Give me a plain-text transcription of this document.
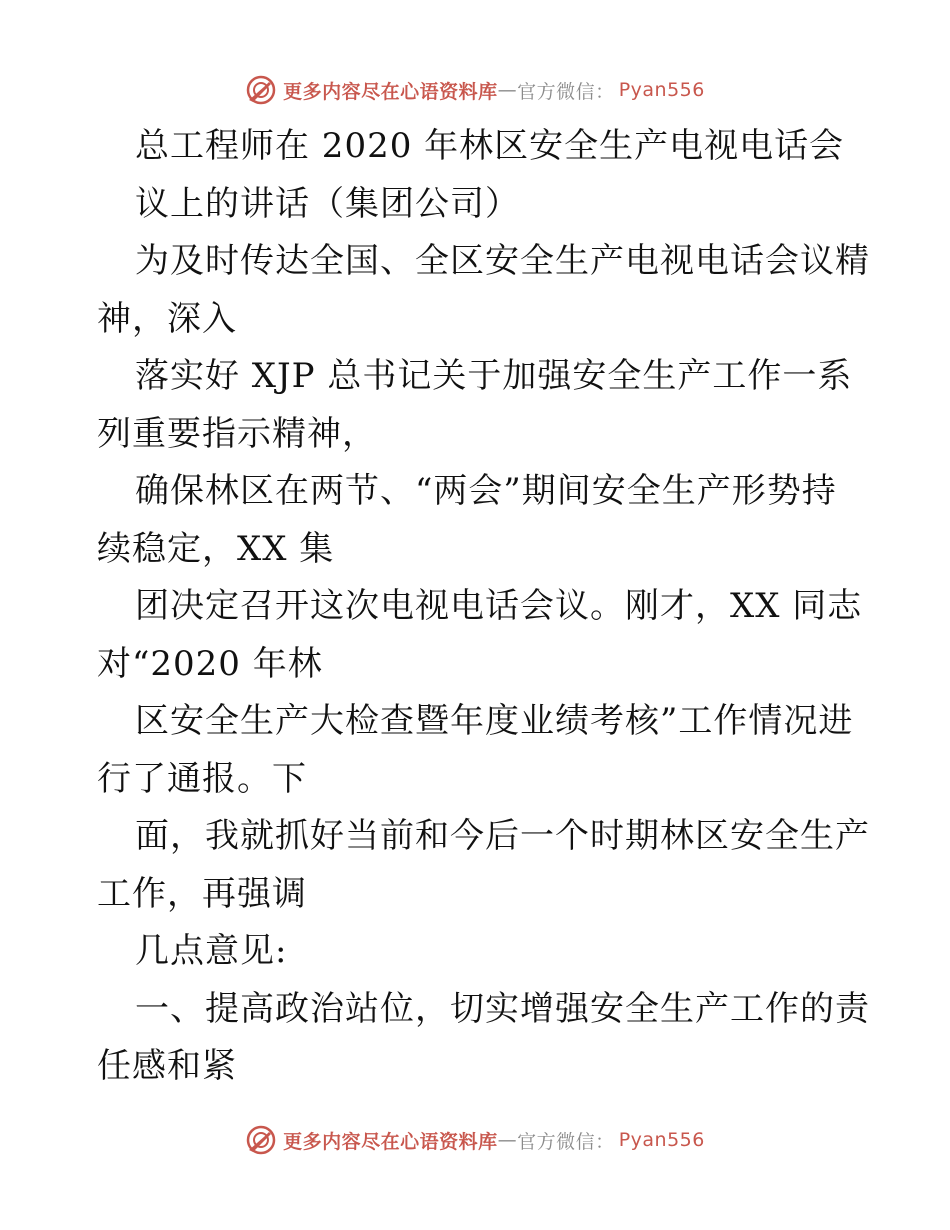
更多内容尽在心语资料库 — 官方微信： Pyan556
总工程师在 2020 年林区安全生产电视电话会
议上的讲话（集团公司）
为及时传达全国、全区安全生产电视电话会议精
神，深入
落实好 XJP 总书记关于加强安全生产工作一系
列重要指示精神，
确保林区在两节、“两会”期间安全生产形势持
续稳定，XX 集
团决定召开这次电视电话会议。刚才，XX 同志
对“2020 年林
区安全生产大检查暨年度业绩考核”工作情况进
行了通报。下
面，我就抓好当前和今后一个时期林区安全生产
工作，再强调
几点意见:
一、提高政治站位，切实增强安全生产工作的责
任感和紧
更多内容尽在心语资料库 — 官方微信： Pyan556
